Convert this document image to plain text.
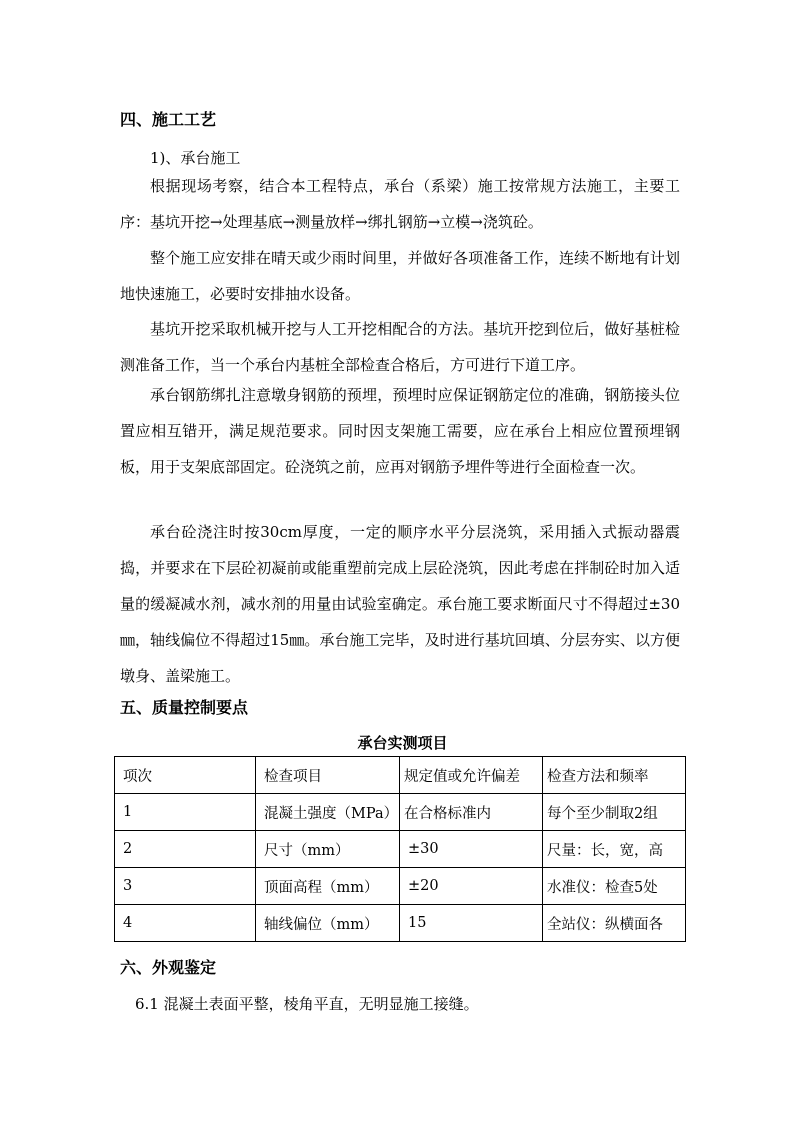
四、施工工艺

1)、承台施工

根据现场考察，结合本工程特点，承台（系梁）施工按常规方法施工，主要工序：基坑开挖→处理基底→测量放样→绑扎钢筋→立模→浇筑砼。

整个施工应安排在晴天或少雨时间里，并做好各项准备工作，连续不断地有计划地快速施工，必要时安排抽水设备。

基坑开挖采取机械开挖与人工开挖相配合的方法。基坑开挖到位后，做好基桩检测准备工作，当一个承台内基桩全部检查合格后，方可进行下道工序。

承台钢筋绑扎注意墩身钢筋的预埋，预埋时应保证钢筋定位的准确，钢筋接头位置应相互错开，满足规范要求。同时因支架施工需要，应在承台上相应位置预埋钢板，用于支架底部固定。砼浇筑之前，应再对钢筋予埋件等进行全面检查一次。

承台砼浇注时按30cm厚度，一定的顺序水平分层浇筑，采用插入式振动器震捣，并要求在下层砼初凝前或能重塑前完成上层砼浇筑，因此考虑在拌制砼时加入适量的缓凝减水剂，减水剂的用量由试验室确定。承台施工要求断面尺寸不得超过±30㎜，轴线偏位不得超过15㎜。承台施工完毕，及时进行基坑回填、分层夯实、以方便墩身、盖梁施工。

五、质量控制要点
承台实测项目
项次	检查项目	规定值或允许偏差	检查方法和频率
1	混凝土强度（MPa）	在合格标准内	每个至少制取2组
2	尺寸（mm）	±30	尺量：长，宽，高
3	顶面高程（mm）	±20	水准仪：检查5处
4	轴线偏位（mm）	15	全站仪：纵横面各
六、外观鉴定

6.1 混凝土表面平整，棱角平直，无明显施工接缝。
